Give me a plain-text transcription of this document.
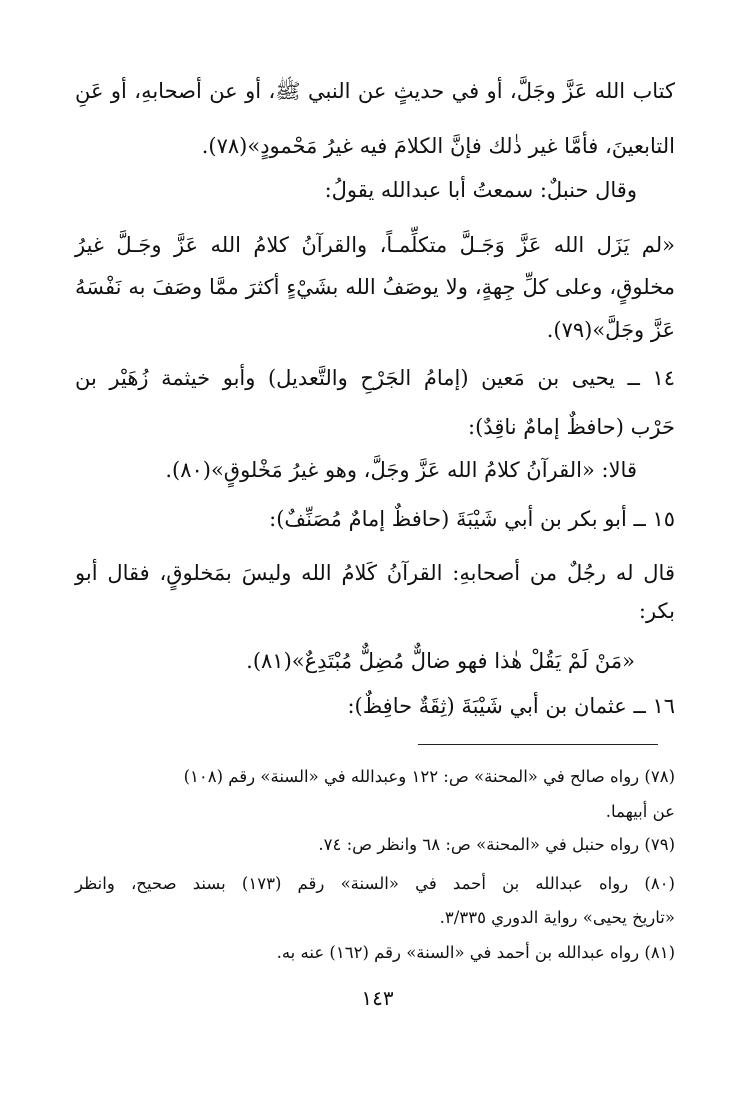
كتاب الله عَزَّ وجَلَّ، أو في حديثٍ عن النبي ﷺ، أو عن أصحابهِ، أو عَنِ
التابعينَ، فأمَّا غير ذٰلك فإنَّ الكلامَ فيه غيرُ مَحْمودٍ»(٧٨).
وقال حنبلٌ: سمعتُ أبا عبدالله يقولُ:
«لم يَزَل الله عَزَّ وَجَـلَّ متكلِّمـاً، والقرآنُ كلامُ الله عَزَّ وجَـلَّ غيرُ
مخلوقٍ، وعلى كلِّ جِهةٍ، ولا يوصَفُ الله بشَيْءٍ أكثرَ ممَّا وصَفَ به نَفْسَهُ
عَزَّ وجَلَّ»(٧٩).
١٤ ــ يحيى بن مَعين (إمامُ الجَرْحِ والتَّعديل) وأبو خيثمة زُهَيْر بن
حَرْب (حافظٌ إمامٌ ناقِدٌ):
قالا: «القرآنُ كلامُ الله عَزَّ وجَلَّ، وهو غيرُ مَخْلوقٍ»(٨٠).
١٥ ــ أبو بكر بن أبي شَيْبَةَ (حافظٌ إمامٌ مُصَنِّفٌ):
قال له رجُلٌ من أصحابهِ: القرآنُ كَلامُ الله وليسَ بمَخلوقٍ، فقال أبو
بكر:
«مَنْ لَمْ يَقُلْ هٰذا فهو ضالٌّ مُضِلٌّ مُبْتَدِعٌ»(٨١).
١٦ ــ عثمان بن أبي شَيْبَةَ (ثِقَةٌ حافِظٌ):
(٧٨) رواه صالح في «المحنة» ص: ١٢٢ وعبدالله في «السنة» رقم (١٠٨)
عن أبيهما.
(٧٩) رواه حنبل في «المحنة» ص: ٦٨ وانظر ص: ٧٤.
(٨٠) رواه عبدالله بن أحمد في «السنة» رقم (١٧٣) بسند صحيح، وانظر
«تاريخ يحيى» رواية الدوري ٣/٣٣٥.
(٨١) رواه عبدالله بن أحمد في «السنة» رقم (١٦٢) عنه به.
١٤٣
